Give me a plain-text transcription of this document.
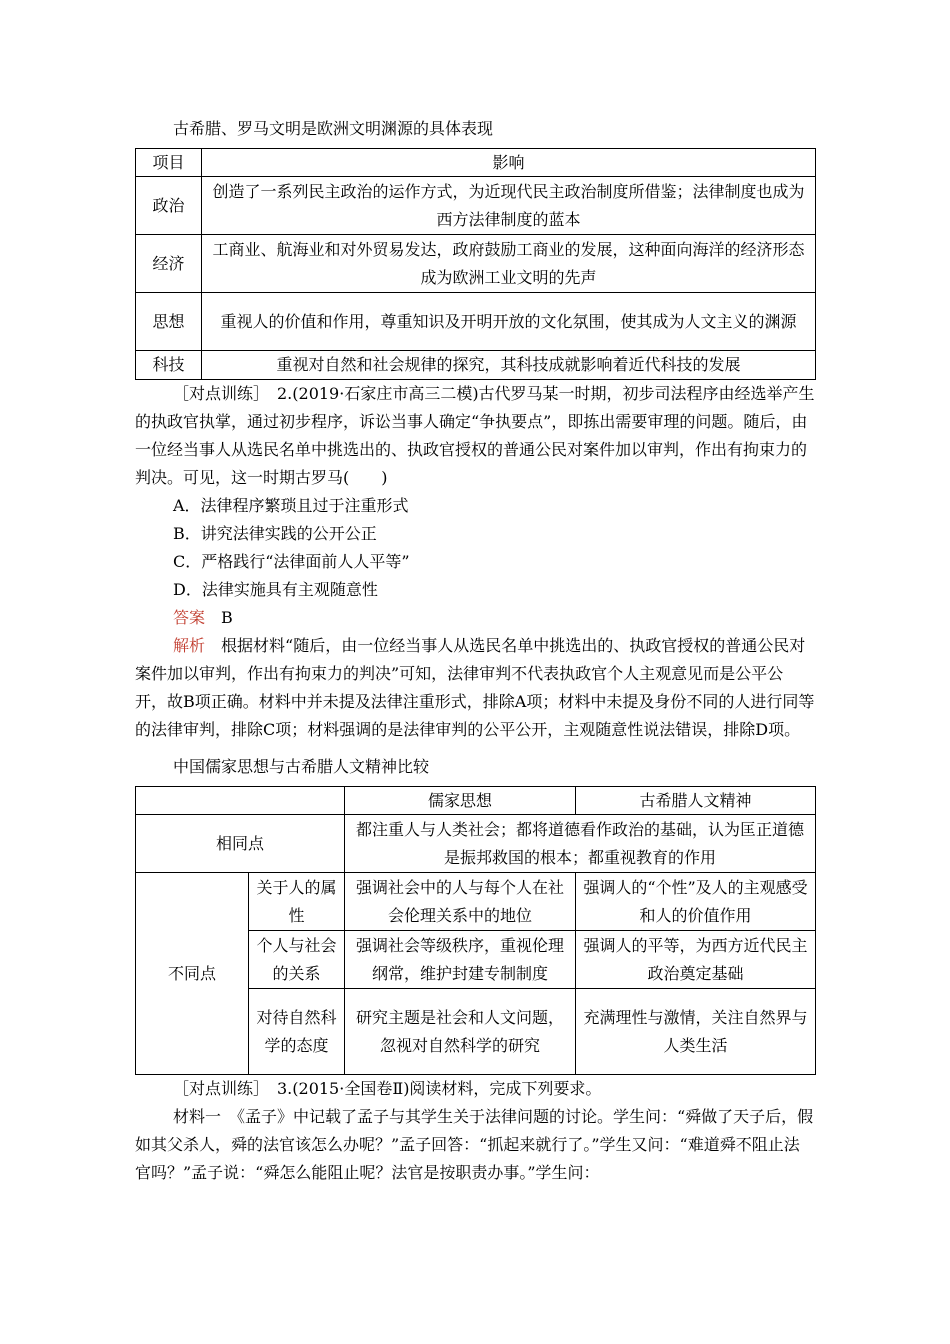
古希腊、罗马文明是欧洲文明渊源的具体表现
项目	影响
政治	创造了一系列民主政治的运作方式，为近现代民主政治制度所借鉴；法律制度也成为西方法律制度的蓝本
经济	工商业、航海业和对外贸易发达，政府鼓励工商业的发展，这种面向海洋的经济形态成为欧洲工业文明的先声
思想	重视人的价值和作用，尊重知识及开明开放的文化氛围，使其成为人文主义的渊源
科技	重视对自然和社会规律的探究，其科技成就影响着近代科技的发展

［对点训练］　2.(2019·石家庄市高三二模)古代罗马某一时期，初步司法程序由经选举产生的执政官执掌，通过初步程序，诉讼当事人确定“争执要点”，即拣出需要审理的问题。随后，由一位经当事人从选民名单中挑选出的、执政官授权的普通公民对案件加以审判，作出有拘束力的判决。可见，这一时期古罗马(　　)

A．法律程序繁琐且过于注重形式

B．讲究法律实践的公开公正

C．严格践行“法律面前人人平等”

D．法律实施具有主观随意性

答案　B

解析　根据材料“随后，由一位经当事人从选民名单中挑选出的、执政官授权的普通公民对案件加以审判，作出有拘束力的判决”可知，法律审判不代表执政官个人主观意见而是公平公开，故B项正确。材料中并未提及法律注重形式，排除A项；材料中未提及身份不同的人进行同等的法律审判，排除C项；材料强调的是法律审判的公平公开，主观随意性说法错误，排除D项。

中国儒家思想与古希腊人文精神比较
		儒家思想	古希腊人文精神
相同点		都注重人与人类社会；都将道德看作政治的基础，认为匡正道德是振邦救国的根本；都重视教育的作用	
不同点	关于人的属性	强调社会中的人与每个人在社会伦理关系中的地位	强调人的“个性”及人的主观感受和人的价值作用
	个人与社会的关系	强调社会等级秩序，重视伦理纲常，维护封建专制制度	强调人的平等，为西方近代民主政治奠定基础
	对待自然科学的态度	研究主题是社会和人文问题，忽视对自然科学的研究	充满理性与激情，关注自然界与人类生活

［对点训练］　3.(2015·全国卷Ⅱ)阅读材料，完成下列要求。

材料一　《孟子》中记载了孟子与其学生关于法律问题的讨论。学生问：“舜做了天子后，假如其父杀人，舜的法官该怎么办呢？”孟子回答：“抓起来就行了。”学生又问：“难道舜不阻止法官吗？”孟子说：“舜怎么能阻止呢？法官是按职责办事。”学生问：
